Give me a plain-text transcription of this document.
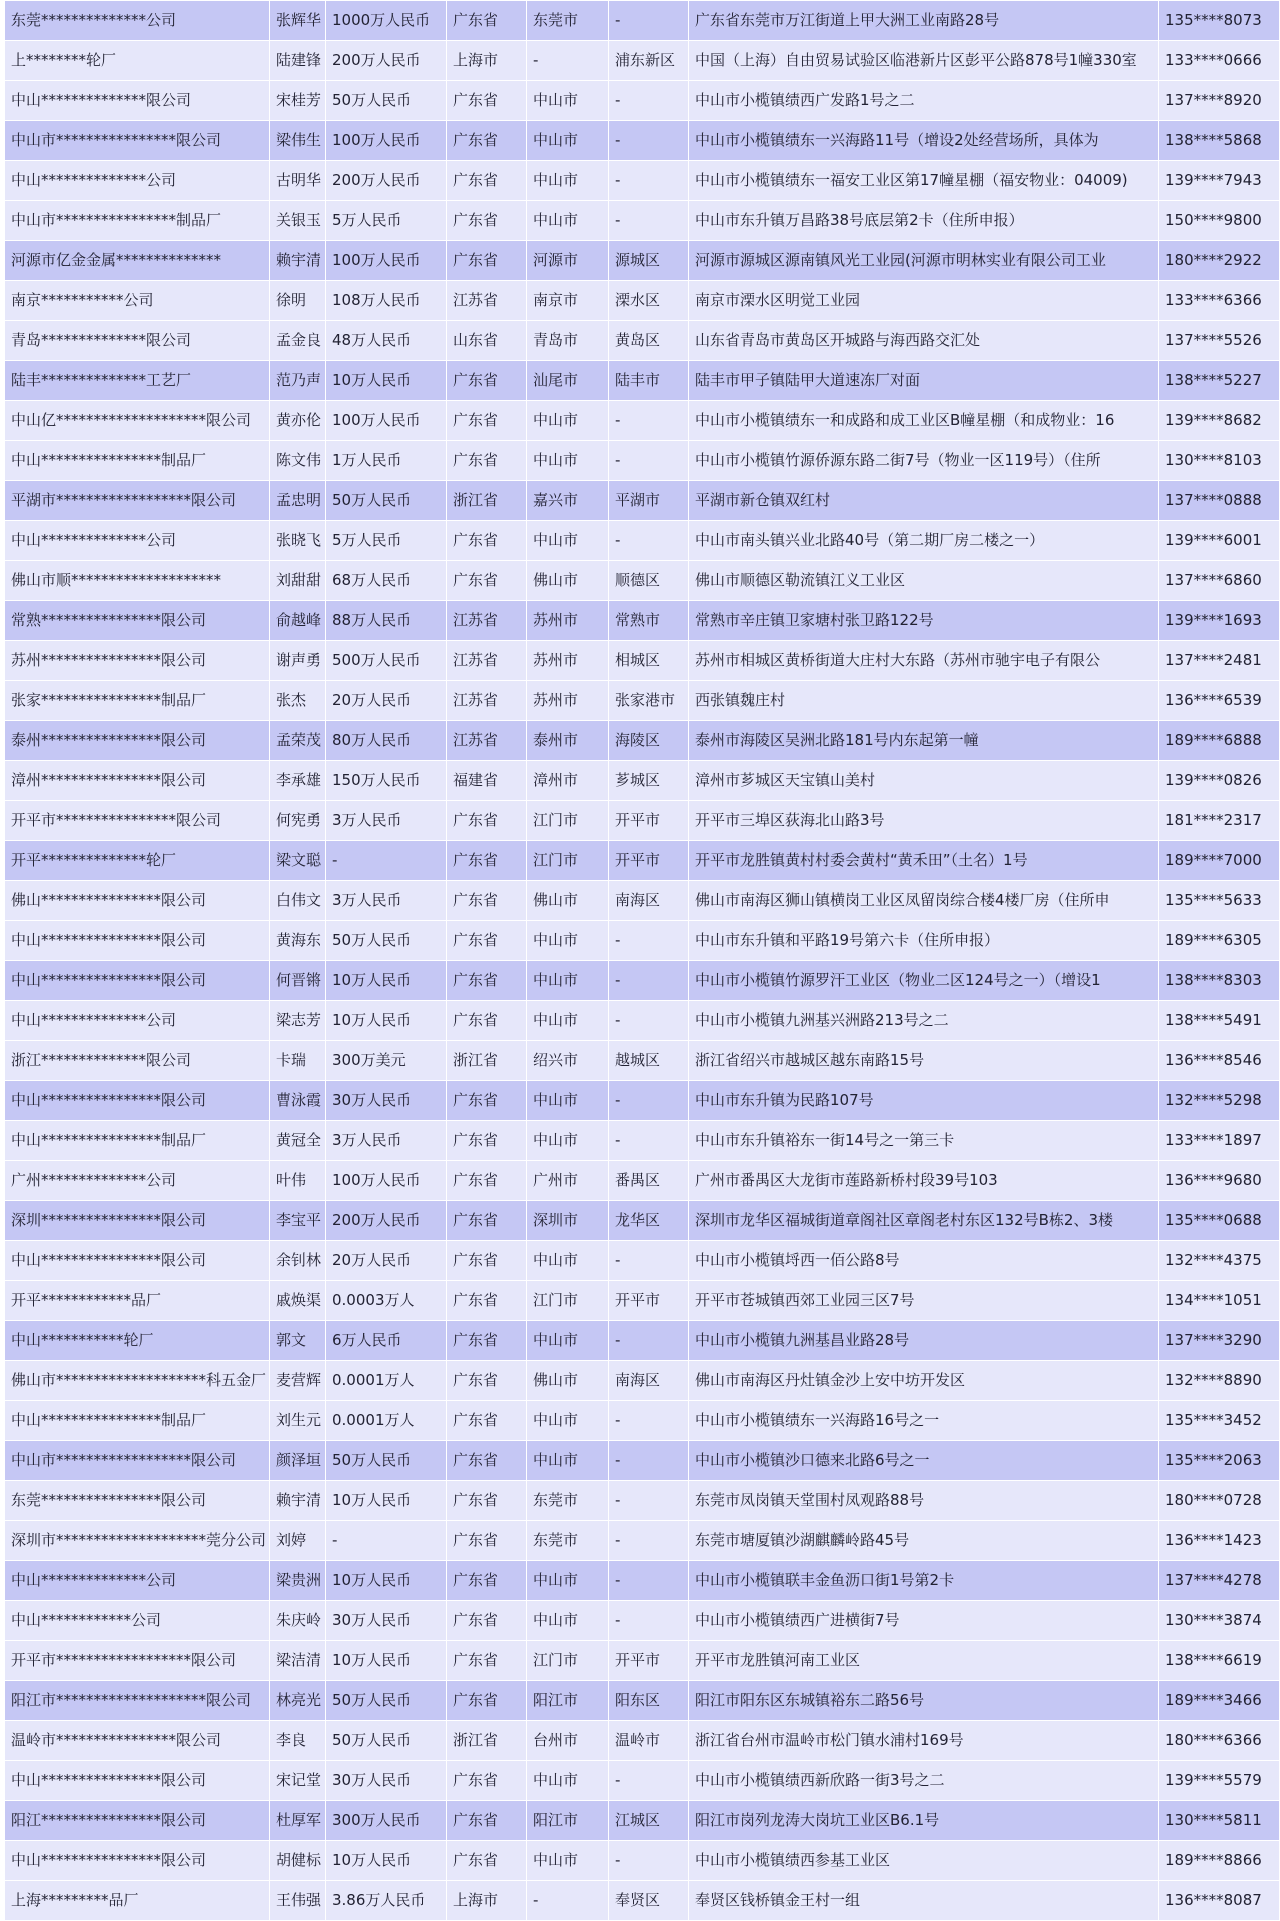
东莞**************公司	张辉华	1000万人民币	广东省	东莞市	-	广东省东莞市万江街道上甲大洲工业南路28号	135****8073
上********轮厂	陆建锋	200万人民币	上海市	-	浦东新区	中国（上海）自由贸易试验区临港新片区彭平公路878号1幢330室	133****0666
中山**************限公司	宋桂芳	50万人民币	广东省	中山市	-	中山市小榄镇绩西广发路1号之二	137****8920
中山市****************限公司	梁伟生	100万人民币	广东省	中山市	-	中山市小榄镇绩东一兴海路11号（增设2处经营场所，具体为	138****5868
中山**************公司	古明华	200万人民币	广东省	中山市	-	中山市小榄镇绩东一福安工业区第17幢星棚（福安物业：04009)	139****7943
中山市****************制品厂	关银玉	5万人民币	广东省	中山市	-	中山市东升镇万昌路38号底层第2卡（住所申报）	150****9800
河源市亿金金属**************	赖宇清	100万人民币	广东省	河源市	源城区	河源市源城区源南镇风光工业园(河源市明林实业有限公司工业	180****2922
南京***********公司	徐明	108万人民币	江苏省	南京市	溧水区	南京市溧水区明觉工业园	133****6366
青岛**************限公司	孟金良	48万人民币	山东省	青岛市	黄岛区	山东省青岛市黄岛区开城路与海西路交汇处	137****5526
陆丰**************工艺厂	范乃声	10万人民币	广东省	汕尾市	陆丰市	陆丰市甲子镇陆甲大道速冻厂对面	138****5227
中山亿********************限公司	黄亦伦	100万人民币	广东省	中山市	-	中山市小榄镇绩东一和成路和成工业区B幢星棚（和成物业：16	139****8682
中山****************制品厂	陈文伟	1万人民币	广东省	中山市	-	中山市小榄镇竹源侨源东路二街7号（物业一区119号）（住所	130****8103
平湖市******************限公司	孟忠明	50万人民币	浙江省	嘉兴市	平湖市	平湖市新仓镇双红村	137****0888
中山**************公司	张晓飞	5万人民币	广东省	中山市	-	中山市南头镇兴业北路40号（第二期厂房二楼之一）	139****6001
佛山市顺********************	刘甜甜	68万人民币	广东省	佛山市	顺德区	佛山市顺德区勒流镇江义工业区	137****6860
常熟****************限公司	俞越峰	88万人民币	江苏省	苏州市	常熟市	常熟市辛庄镇卫家塘村张卫路122号	139****1693
苏州****************限公司	谢声勇	500万人民币	江苏省	苏州市	相城区	苏州市相城区黄桥街道大庄村大东路（苏州市驰宇电子有限公	137****2481
张家****************制品厂	张杰	20万人民币	江苏省	苏州市	张家港市	西张镇魏庄村	136****6539
泰州****************限公司	孟荣茂	80万人民币	江苏省	泰州市	海陵区	泰州市海陵区吴洲北路181号内东起第一幢	189****6888
漳州****************限公司	李承雄	150万人民币	福建省	漳州市	芗城区	漳州市芗城区天宝镇山美村	139****0826
开平市****************限公司	何宪勇	3万人民币	广东省	江门市	开平市	开平市三埠区荻海北山路3号	181****2317
开平**************轮厂	梁文聪	-	广东省	江门市	开平市	开平市龙胜镇黄村村委会黄村“黄禾田”（土名）1号	189****7000
佛山****************限公司	白伟文	3万人民币	广东省	佛山市	南海区	佛山市南海区狮山镇横岗工业区凤留岗综合楼4楼厂房（住所申	135****5633
中山****************限公司	黄海东	50万人民币	广东省	中山市	-	中山市东升镇和平路19号第六卡（住所申报）	189****6305
中山****************限公司	何晋锵	10万人民币	广东省	中山市	-	中山市小榄镇竹源罗汗工业区（物业二区124号之一）（增设1	138****8303
中山**************公司	梁志芳	10万人民币	广东省	中山市	-	中山市小榄镇九洲基兴洲路213号之二	138****5491
浙江**************限公司	卡瑞	300万美元	浙江省	绍兴市	越城区	浙江省绍兴市越城区越东南路15号	136****8546
中山****************限公司	曹泳霞	30万人民币	广东省	中山市	-	中山市东升镇为民路107号	132****5298
中山****************制品厂	黄冠全	3万人民币	广东省	中山市	-	中山市东升镇裕东一街14号之一第三卡	133****1897
广州**************公司	叶伟	100万人民币	广东省	广州市	番禺区	广州市番禺区大龙街市莲路新桥村段39号103	136****9680
深圳****************限公司	李宝平	200万人民币	广东省	深圳市	龙华区	深圳市龙华区福城街道章阁社区章阁老村东区132号B栋2、3楼	135****0688
中山****************限公司	余钊林	20万人民币	广东省	中山市	-	中山市小榄镇埒西一佰公路8号	132****4375
开平************品厂	戚焕渠	0.0003万人	广东省	江门市	开平市	开平市苍城镇西郊工业园三区7号	134****1051
中山***********轮厂	郭文	6万人民币	广东省	中山市	-	中山市小榄镇九洲基昌业路28号	137****3290
佛山市********************科五金厂	麦营辉	0.0001万人	广东省	佛山市	南海区	佛山市南海区丹灶镇金沙上安中坊开发区	132****8890
中山****************制品厂	刘生元	0.0001万人	广东省	中山市	-	中山市小榄镇绩东一兴海路16号之一	135****3452
中山市******************限公司	颜泽垣	50万人民币	广东省	中山市	-	中山市小榄镇沙口德来北路6号之一	135****2063
东莞****************限公司	赖宇清	10万人民币	广东省	东莞市	-	东莞市凤岗镇天堂围村凤观路88号	180****0728
深圳市********************莞分公司	刘婷	-	广东省	东莞市	-	东莞市塘厦镇沙湖麒麟岭路45号	136****1423
中山**************公司	梁贵洲	10万人民币	广东省	中山市	-	中山市小榄镇联丰金鱼沥口街1号第2卡	137****4278
中山************公司	朱庆岭	30万人民币	广东省	中山市	-	中山市小榄镇绩西广进横街7号	130****3874
开平市******************限公司	梁洁清	10万人民币	广东省	江门市	开平市	开平市龙胜镇河南工业区	138****6619
阳江市********************限公司	林亮光	50万人民币	广东省	阳江市	阳东区	阳江市阳东区东城镇裕东二路56号	189****3466
温岭市****************限公司	李良	50万人民币	浙江省	台州市	温岭市	浙江省台州市温岭市松门镇水浦村169号	180****6366
中山****************限公司	宋记堂	30万人民币	广东省	中山市	-	中山市小榄镇绩西新欣路一街3号之二	139****5579
阳江****************限公司	杜厚军	300万人民币	广东省	阳江市	江城区	阳江市岗列龙涛大岗坑工业区B6.1号	130****5811
中山****************限公司	胡健标	10万人民币	广东省	中山市	-	中山市小榄镇绩西参基工业区	189****8866
上海*********品厂	王伟强	3.86万人民币	上海市	-	奉贤区	奉贤区钱桥镇金王村一组	136****8087
